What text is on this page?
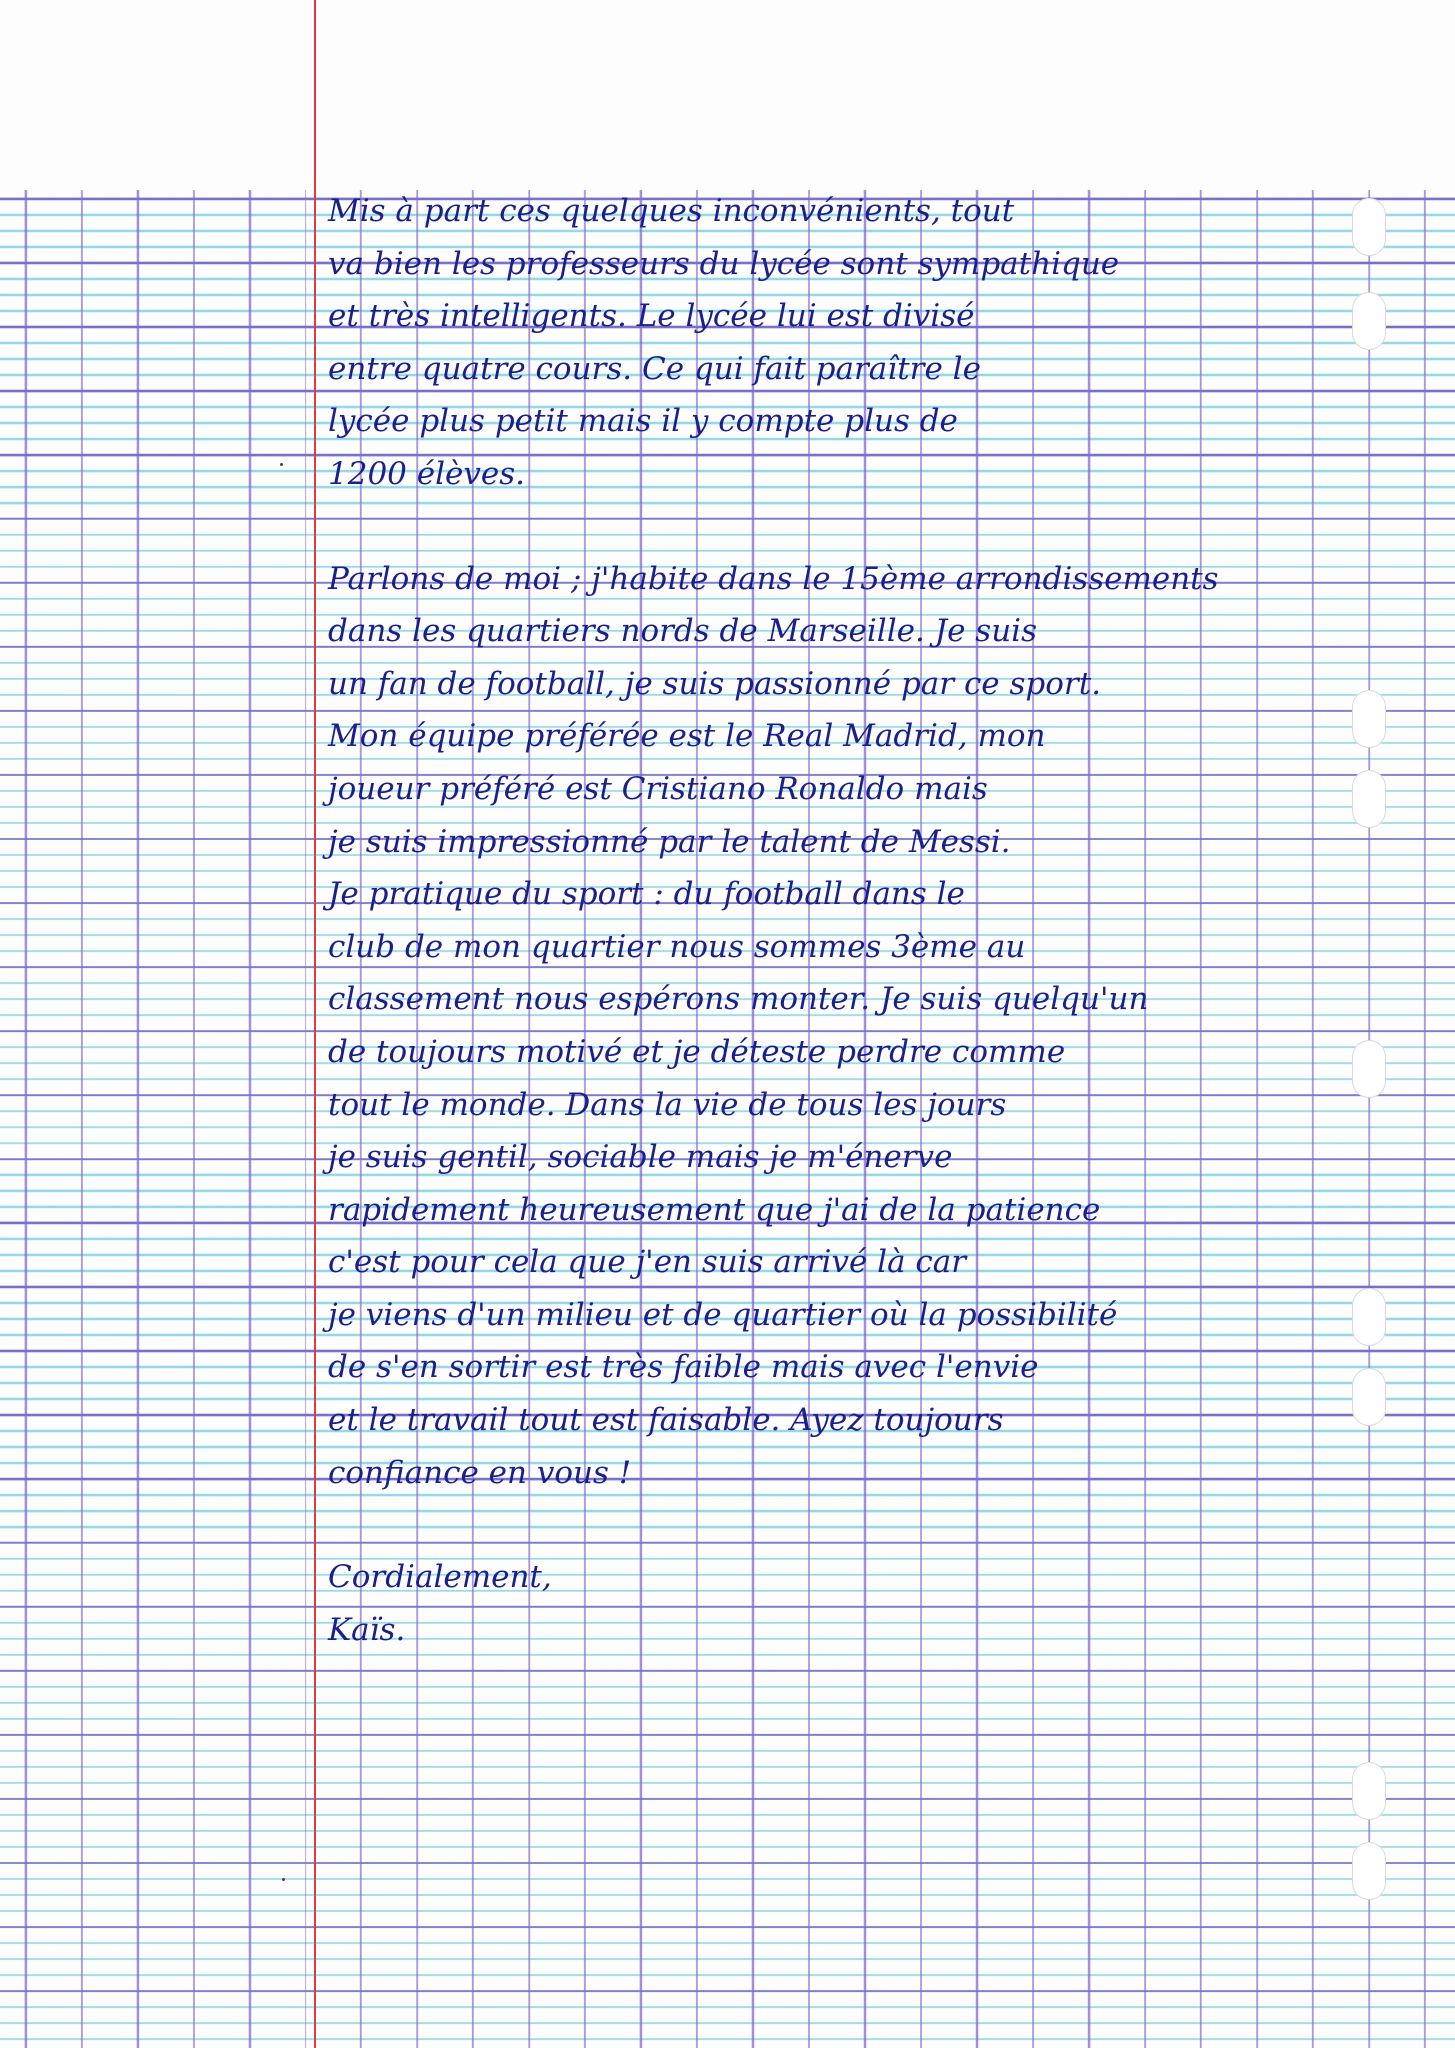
Mis à part ces quelques inconvénients, tout
va bien les professeurs du lycée sont sympathique
et très intelligents. Le lycée lui est divisé
entre quatre cours. Ce qui fait paraître le
lycée plus petit mais il y compte plus de
1200 élèves.
Parlons de moi ; j'habite dans le 15ème arrondissements
dans les quartiers nords de Marseille. Je suis
un fan de football, je suis passionné par ce sport.
Mon équipe préférée est le Real Madrid, mon
joueur préféré est Cristiano Ronaldo mais
je suis impressionné par le talent de Messi.
Je pratique du sport : du football dans le
club de mon quartier nous sommes 3ème au
classement nous espérons monter. Je suis quelqu'un
de toujours motivé et je déteste perdre comme
tout le monde. Dans la vie de tous les jours
je suis gentil, sociable mais je m'énerve
rapidement heureusement que j'ai de la patience
c'est pour cela que j'en suis arrivé là car
je viens d'un milieu et de quartier où la possibilité
de s'en sortir est très faible mais avec l'envie
et le travail tout est faisable. Ayez toujours
confiance en vous !
Cordialement,
Kaïs.
